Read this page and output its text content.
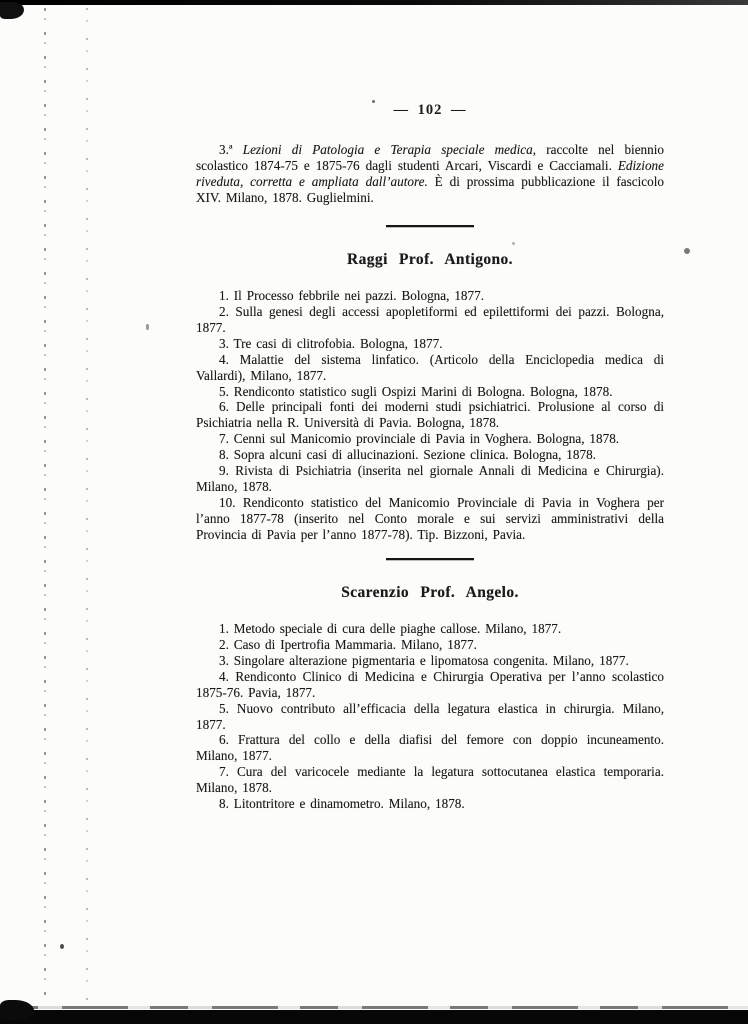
— 102 —

3.ª Lezioni di Patologia e Terapia speciale medica, raccolte nel biennio scolastico 1874-75 e 1875-76 dagli studenti Arcari, Viscardi e Cacciamali. Edizione riveduta, corretta e ampliata dall’autore. È di prossima pubblicazione il fascicolo XIV. Milano, 1878. Guglielmini.

Raggi Prof. Antigono.

1. Il Processo febbrile nei pazzi. Bologna, 1877.

2. Sulla genesi degli accessi apopletiformi ed epilettiformi dei pazzi. Bologna, 1877.

3. Tre casi di clitrofobia. Bologna, 1877.

4. Malattie del sistema linfatico. (Articolo della Enciclopedia medica di Vallardi), Milano, 1877.

5. Rendiconto statistico sugli Ospizi Marini di Bologna. Bologna, 1878.

6. Delle principali fonti dei moderni studi psichiatrici. Prolusione al corso di Psichiatria nella R. Università di Pavia. Bologna, 1878.

7. Cenni sul Manicomio provinciale di Pavia in Voghera. Bologna, 1878.

8. Sopra alcuni casi di allucinazioni. Sezione clinica. Bologna, 1878.

9. Rivista di Psichiatria (inserita nel giornale Annali di Medicina e Chirurgia). Milano, 1878.

10. Rendiconto statistico del Manicomio Provinciale di Pavia in Voghera per l’anno 1877-78 (inserito nel Conto morale e sui servizi amministrativi della Provincia di Pavia per l’anno 1877-78). Tip. Bizzoni, Pavia.

Scarenzio Prof. Angelo.

1. Metodo speciale di cura delle piaghe callose. Milano, 1877.

2. Caso di Ipertrofia Mammaria. Milano, 1877.

3. Singolare alterazione pigmentaria e lipomatosa congenita. Milano, 1877.

4. Rendiconto Clinico di Medicina e Chirurgia Operativa per l’anno scolastico 1875-76. Pavia, 1877.

5. Nuovo contributo all’efficacia della legatura elastica in chirurgia. Milano, 1877.

6. Frattura del collo e della diafisi del femore con doppio incuneamento. Milano, 1877.

7. Cura del varicocele mediante la legatura sottocutanea elastica temporaria. Milano, 1878.

8. Litontritore e dinamometro. Milano, 1878.
